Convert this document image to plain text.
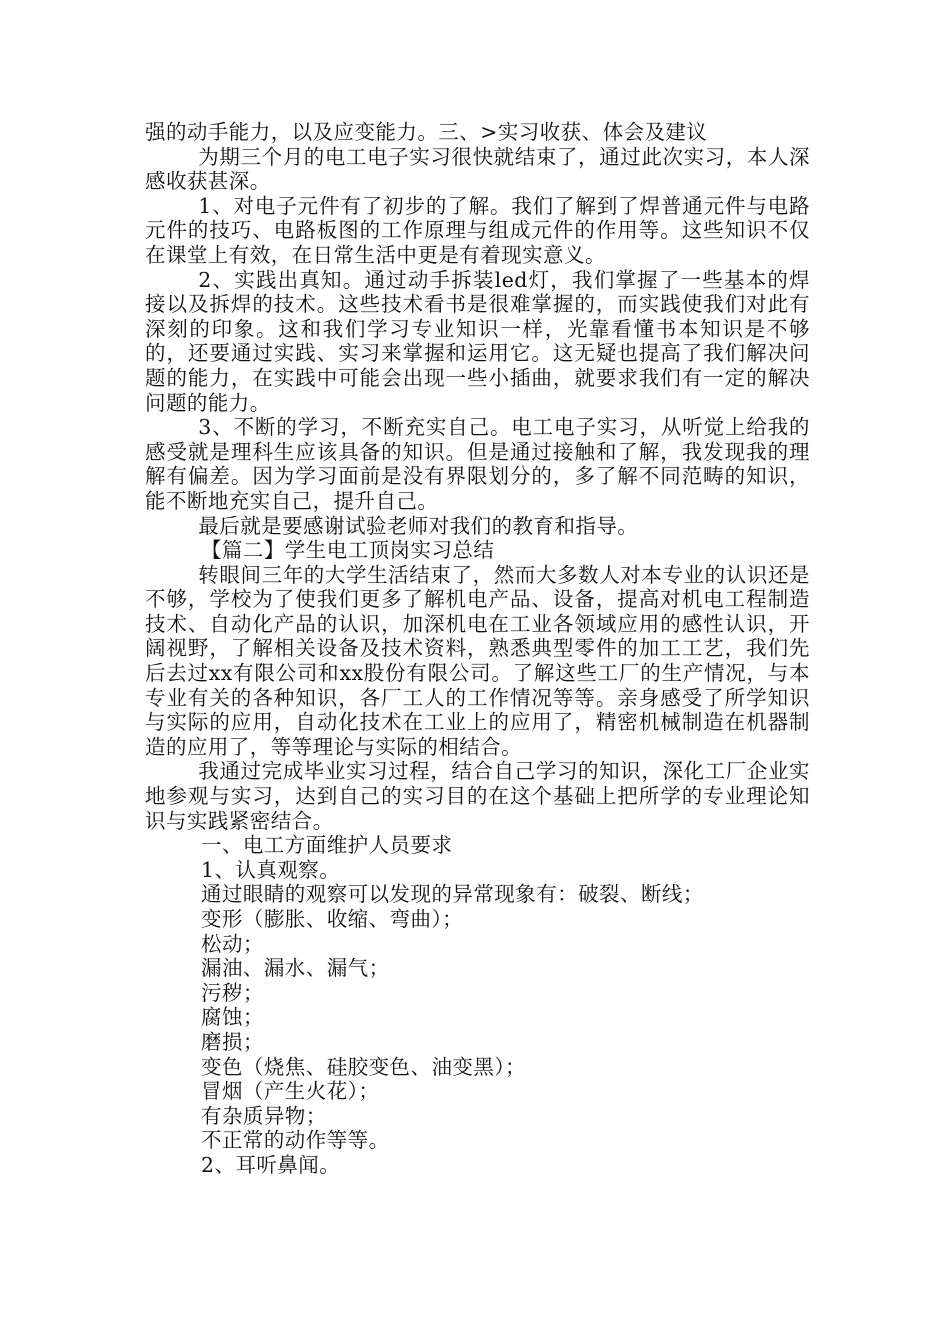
强的动手能力，以及应变能力。三、>实习收获、体会及建议

为期三个月的电工电子实习很快就结束了，通过此次实习，本人深感收获甚深。

1、对电子元件有了初步的了解。我们了解到了焊普通元件与电路元件的技巧、电路板图的工作原理与组成元件的作用等。这些知识不仅在课堂上有效，在日常生活中更是有着现实意义。

2、实践出真知。通过动手拆装led灯，我们掌握了一些基本的焊接以及拆焊的技术。这些技术看书是很难掌握的，而实践使我们对此有深刻的印象。这和我们学习专业知识一样，光靠看懂书本知识是不够的，还要通过实践、实习来掌握和运用它。这无疑也提高了我们解决问题的能力，在实践中可能会出现一些小插曲，就要求我们有一定的解决问题的能力。

3、不断的学习，不断充实自己。电工电子实习，从听觉上给我的感受就是理科生应该具备的知识。但是通过接触和了解，我发现我的理解有偏差。因为学习面前是没有界限划分的，多了解不同范畴的知识，能不断地充实自己，提升自己。

最后就是要感谢试验老师对我们的教育和指导。

【篇二】学生电工顶岗实习总结

转眼间三年的大学生活结束了，然而大多数人对本专业的认识还是不够，学校为了使我们更多了解机电产品、设备，提高对机电工程制造技术、自动化产品的认识，加深机电在工业各领域应用的感性认识，开阔视野，了解相关设备及技术资料，熟悉典型零件的加工工艺，我们先后去过xx有限公司和xx股份有限公司。了解这些工厂的生产情况，与本专业有关的各种知识，各厂工人的工作情况等等。亲身感受了所学知识与实际的应用，自动化技术在工业上的应用了，精密机械制造在机器制造的应用了，等等理论与实际的相结合。

我通过完成毕业实习过程，结合自己学习的知识，深化工厂企业实地参观与实习，达到自己的实习目的在这个基础上把所学的专业理论知识与实践紧密结合。

一、电工方面维护人员要求

1、认真观察。

通过眼睛的观察可以发现的异常现象有：破裂、断线；

变形（膨胀、收缩、弯曲）；

松动；

漏油、漏水、漏气；

污秽；

腐蚀；

磨损；

变色（烧焦、硅胶变色、油变黑）；

冒烟（产生火花）；

有杂质异物；

不正常的动作等等。

2、耳听鼻闻。
